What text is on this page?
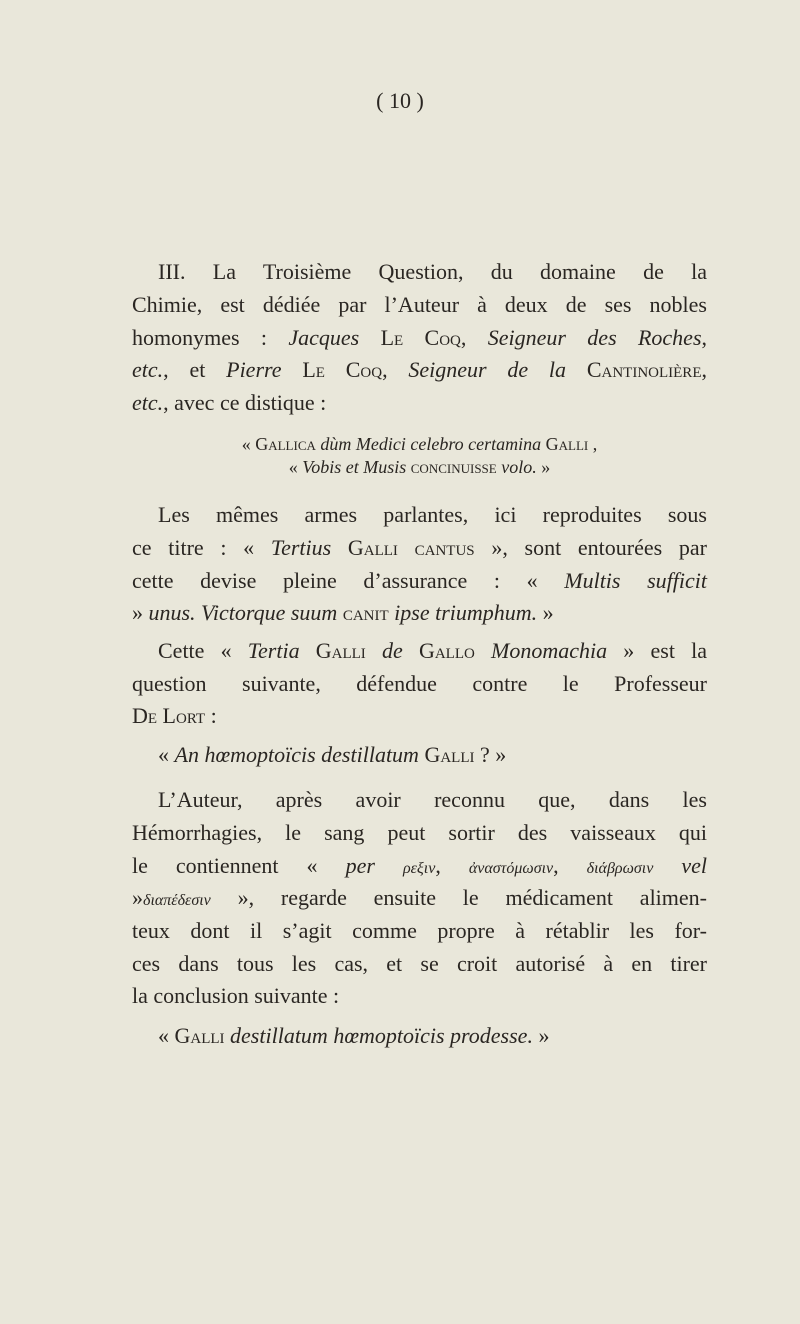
( 10 )
III. La Troisième Question, du domaine de la
Chimie, est dédiée par l’Auteur à deux de ses nobles
homonymes : Jacques Le Coq, Seigneur des Roches,
etc., et Pierre Le Coq, Seigneur de la Cantinolière,
etc., avec ce distique :
« Gallica dùm Medici celebro certamina Galli ,
« Vobis et Musis concinuisse volo. »
Les mêmes armes parlantes, ici reproduites sous
ce titre : « Tertius Galli cantus », sont entourées par
cette devise pleine d’assurance : « Multis sufficit
» unus. Victorque suum canit ipse triumphum. »
Cette « Tertia Galli de Gallo Monomachia » est la
question suivante, défendue contre le Professeur
De Lort :
« An hœmoptoïcis destillatum Galli ? »
L’Auteur, après avoir reconnu que, dans les
Hémorrhagies, le sang peut sortir des vaisseaux qui
le contiennent « per ρεξιν, ἀναστόμωσιν, διάβρωσιν vel
»διαπέδεσιν », regarde ensuite le médicament alimen-
teux dont il s’agit comme propre à rétablir les for-
ces dans tous les cas, et se croit autorisé à en tirer
la conclusion suivante :
« Galli destillatum hœmoptoïcis prodesse. »
